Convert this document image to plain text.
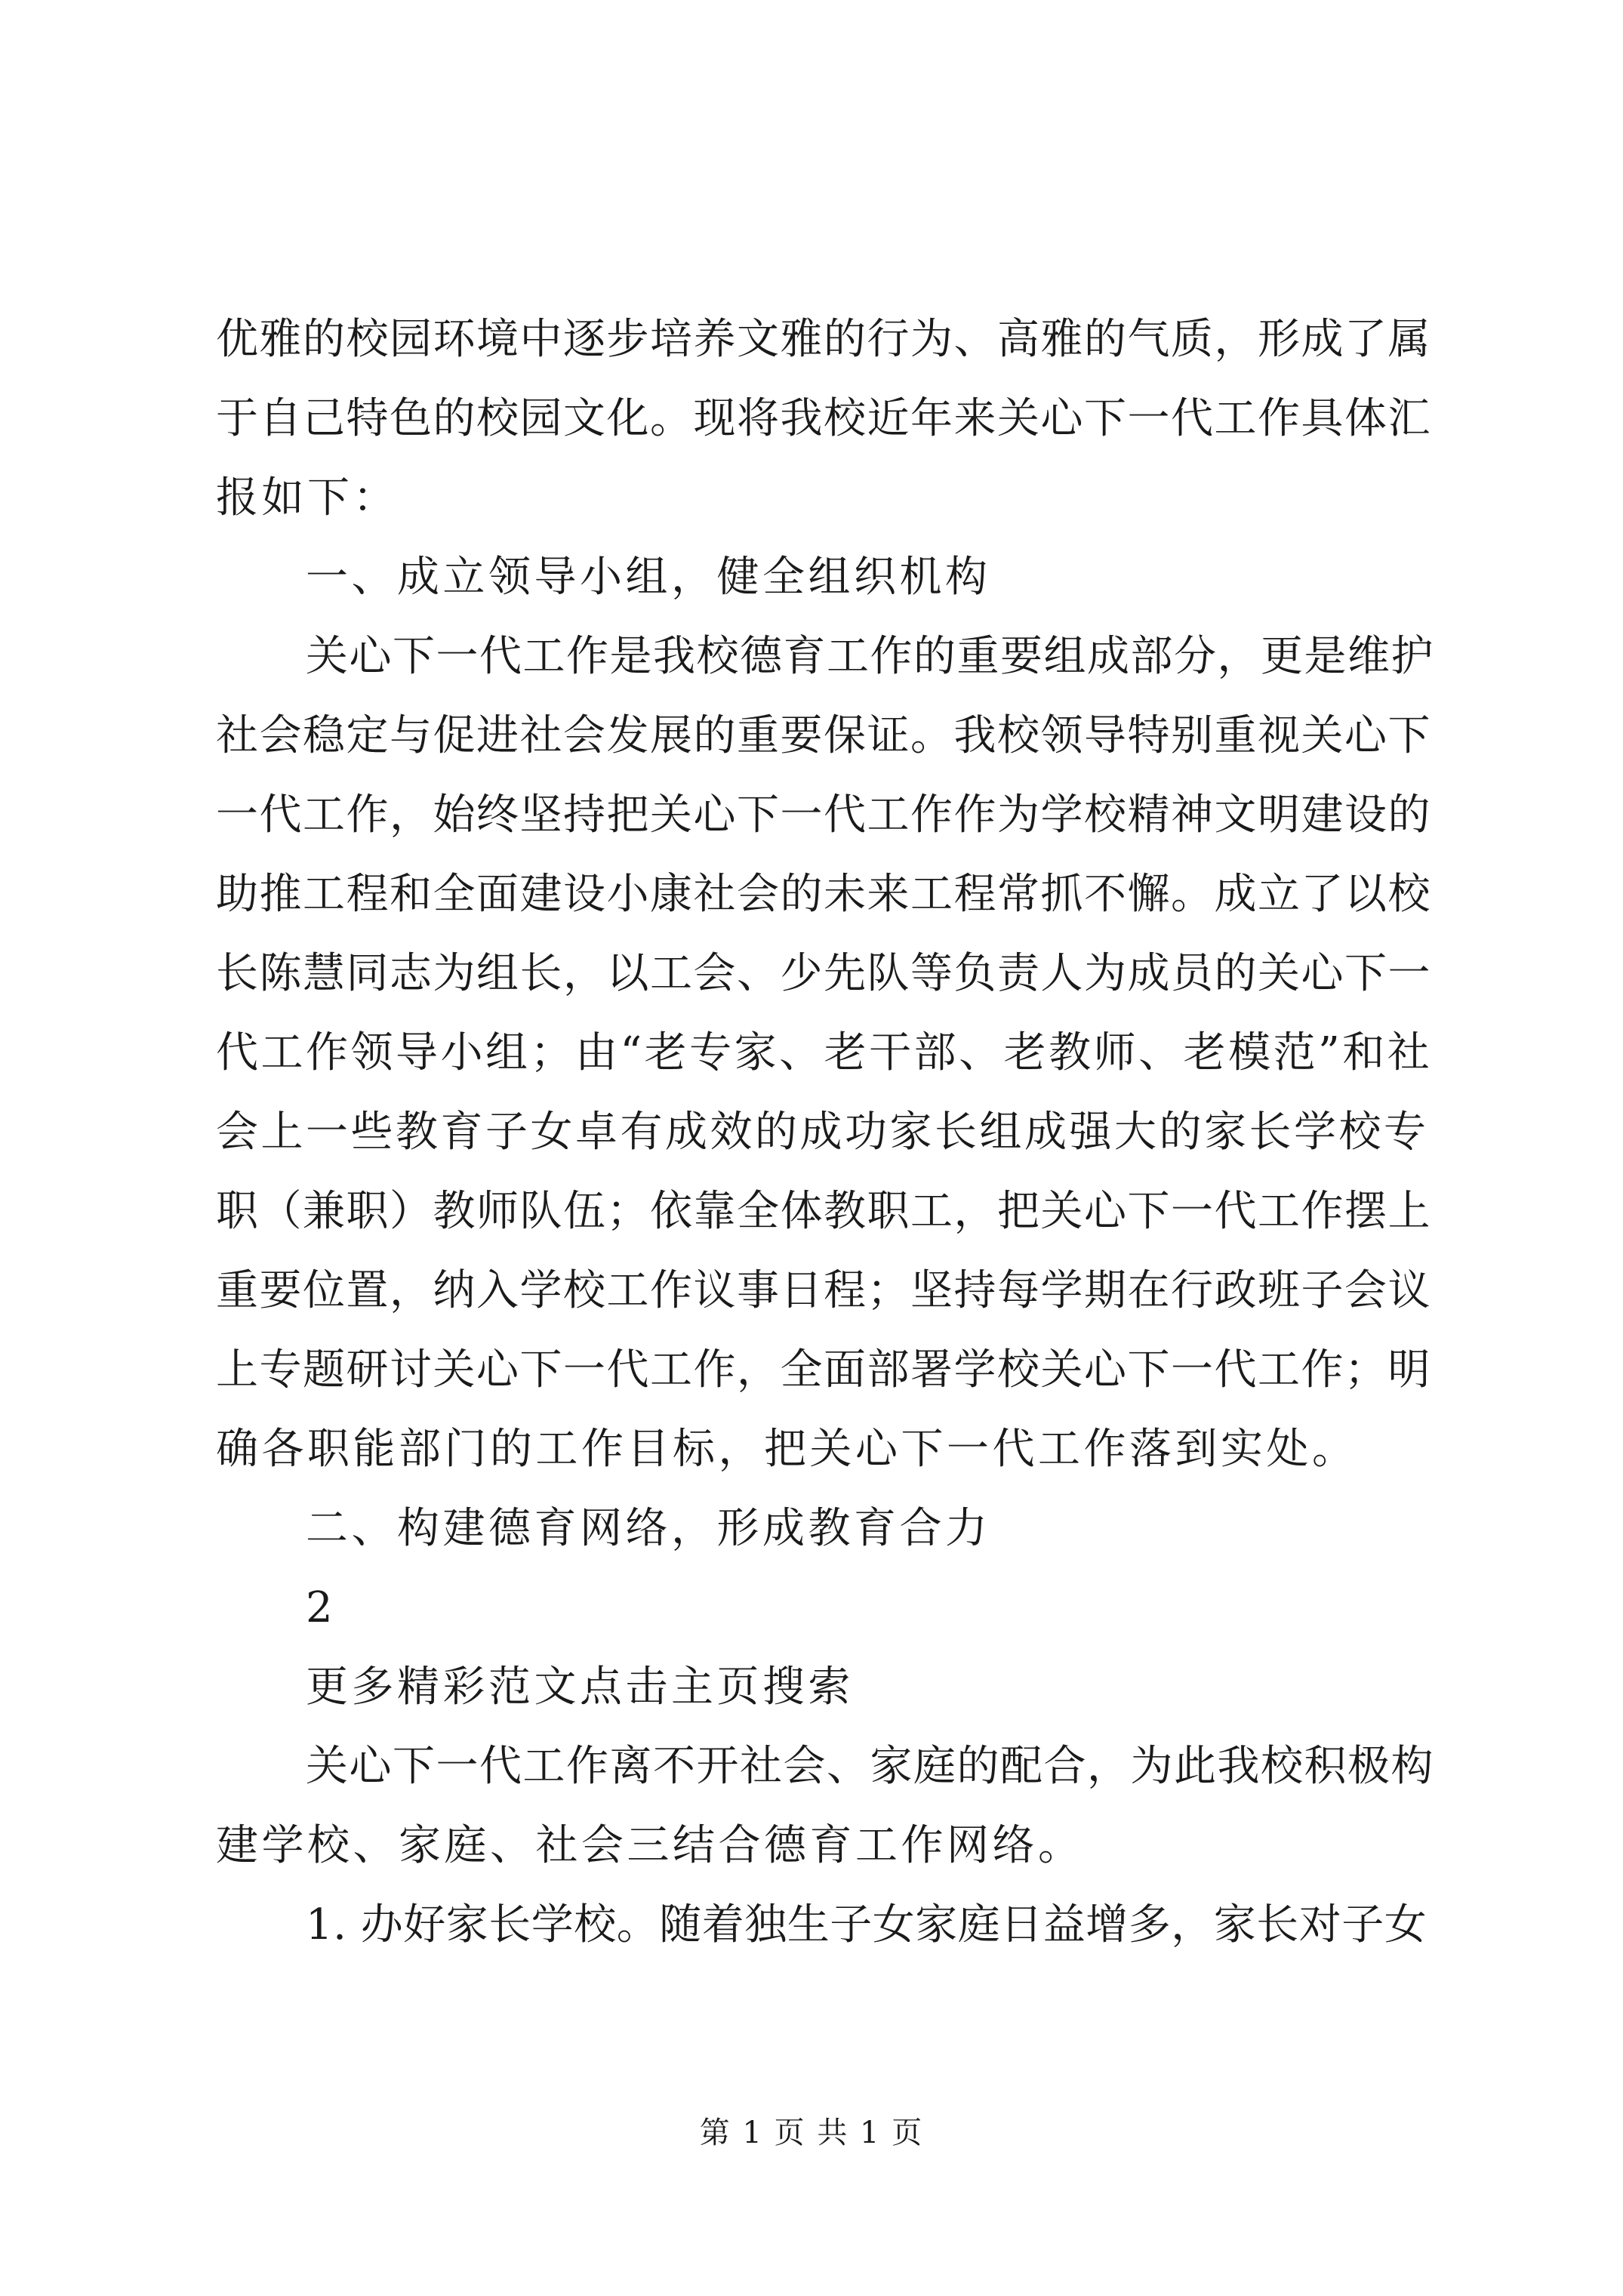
优雅的校园环境中逐步培养文雅的行为、高雅的气质，形成了属
于自己特色的校园文化。现将我校近年来关心下一代工作具体汇
报如下：
一、成立领导小组，健全组织机构
关心下一代工作是我校德育工作的重要组成部分，更是维护
社会稳定与促进社会发展的重要保证。我校领导特别重视关心下
一代工作，始终坚持把关心下一代工作作为学校精神文明建设的
助推工程和全面建设小康社会的未来工程常抓不懈。成立了以校
长陈慧同志为组长，以工会、少先队等负责人为成员的关心下一
代工作领导小组；由“老专家、老干部、老教师、老模范”和社
会上一些教育子女卓有成效的成功家长组成强大的家长学校专
职（兼职）教师队伍；依靠全体教职工，把关心下一代工作摆上
重要位置，纳入学校工作议事日程；坚持每学期在行政班子会议
上专题研讨关心下一代工作，全面部署学校关心下一代工作；明
确各职能部门的工作目标，把关心下一代工作落到实处。
二、构建德育网络，形成教育合力
2
更多精彩范文点击主页搜索
关心下一代工作离不开社会、家庭的配合，为此我校积极构
建学校、家庭、社会三结合德育工作网络。
1. 办好家长学校。随着独生子女家庭日益增多，家长对子女
第 1 页 共 1 页
